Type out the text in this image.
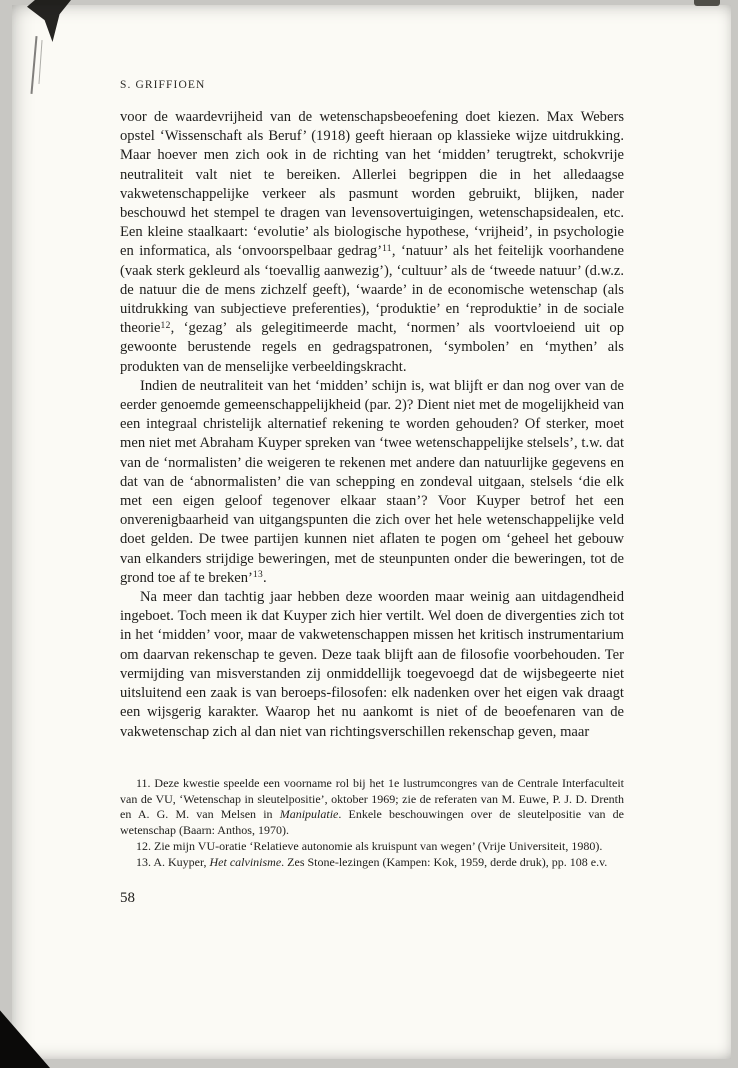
S. GRIFFIOEN

voor de waardevrijheid van de wetenschapsbeoefening doet kiezen. Max Webers opstel ‘Wissenschaft als Beruf’ (1918) geeft hieraan op klassieke wijze uitdrukking. Maar hoever men zich ook in de richting van het ‘midden’ terugtrekt, schokvrije neutraliteit valt niet te bereiken. Allerlei begrippen die in het alledaagse vakwetenschappelijke verkeer als pasmunt worden gebruikt, blijken, nader beschouwd het stempel te dragen van levensovertuigingen, wetenschapsidealen, etc. Een kleine staalkaart: ‘evolutie’ als biologische hypothese, ‘vrijheid’, in psychologie en informatica, als ‘onvoorspelbaar gedrag’$^{11}$, ‘natuur’ als het feitelijk voorhandene (vaak sterk gekleurd als ‘toevallig aanwezig’), ‘cultuur’ als de ‘tweede natuur’ (d.w.z. de natuur die de mens zichzelf geeft), ‘waarde’ in de economische wetenschap (als uitdrukking van subjectieve preferenties), ‘produktie’ en ‘reproduktie’ in de sociale theorie$^{12}$, ‘gezag’ als gelegitimeerde macht, ‘normen’ als voortvloeiend uit op gewoonte berustende regels en gedragspatronen, ‘symbolen’ en ‘mythen’ als produkten van de menselijke verbeeldingskracht.

Indien de neutraliteit van het ‘midden’ schijn is, wat blijft er dan nog over van de eerder genoemde gemeenschappelijkheid (par. 2)? Dient niet met de mogelijkheid van een integraal christelijk alternatief rekening te worden gehouden? Of sterker, moet men niet met Abraham Kuyper spreken van ‘twee wetenschappelijke stelsels’, t.w. dat van de ‘normalisten’ die weigeren te rekenen met andere dan natuurlijke gegevens en dat van de ‘abnormalisten’ die van schepping en zondeval uitgaan, stelsels ‘die elk met een eigen geloof tegenover elkaar staan’? Voor Kuyper betrof het een onverenigbaarheid van uitgangspunten die zich over het hele wetenschappelijke veld doet gelden. De twee partijen kunnen niet aflaten te pogen om ‘geheel het gebouw van elkanders strijdige beweringen, met de steunpunten onder die beweringen, tot de grond toe af te breken’$^{13}$.

Na meer dan tachtig jaar hebben deze woorden maar weinig aan uitdagendheid ingeboet. Toch meen ik dat Kuyper zich hier vertilt. Wel doen de divergenties zich tot in het ‘midden’ voor, maar de vakwetenschappen missen het kritisch instrumentarium om daarvan rekenschap te geven. Deze taak blijft aan de filosofie voorbehouden. Ter vermijding van misverstanden zij onmiddellijk toegevoegd dat de wijsbegeerte niet uitsluitend een zaak is van beroeps-filosofen: elk nadenken over het eigen vak draagt een wijsgerig karakter. Waarop het nu aankomt is niet of de beoefenaren van de vakwetenschap zich al dan niet van richtingsverschillen rekenschap geven, maar

11. Deze kwestie speelde een voorname rol bij het 1e lustrumcongres van de Centrale Interfaculteit van de VU, ‘Wetenschap in sleutelpositie’, oktober 1969; zie de referaten van M. Euwe, P. J. D. Drenth en A. G. M. van Melsen in Manipulatie. Enkele beschouwingen over de sleutelpositie van de wetenschap (Baarn: Anthos, 1970).

12. Zie mijn VU-oratie ‘Relatieve autonomie als kruispunt van wegen’ (Vrije Universiteit, 1980).

13. A. Kuyper, Het calvinisme. Zes Stone-lezingen (Kampen: Kok, 1959, derde druk), pp. 108 e.v.

58
